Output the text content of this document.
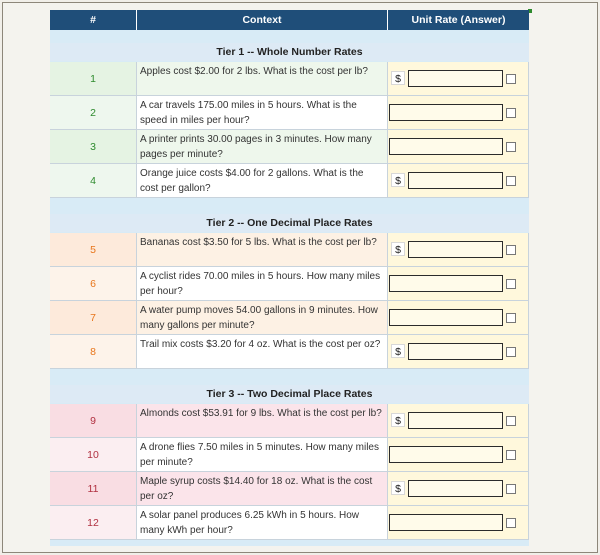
#	Context	Unit Rate (Answer)
Tier 1 -- Whole Number Rates
1
Apples cost $2.00 for 2 lbs. What is the cost per lb?
$
2
A car travels 175.00 miles in 5 hours. What is the speed in miles per hour?
3
A printer prints 30.00 pages in 3 minutes. How many pages per minute?
4
Orange juice costs $4.00 for 2 gallons. What is the cost per gallon?
$
Tier 2 -- One Decimal Place Rates
5
Bananas cost $3.50 for 5 lbs. What is the cost per lb?
$
6
A cyclist rides 70.00 miles in 5 hours. How many miles per hour?
7
A water pump moves 54.00 gallons in 9 minutes. How many gallons per minute?
8
Trail mix costs $3.20 for 4 oz. What is the cost per oz?
$
Tier 3 -- Two Decimal Place Rates
9
Almonds cost $53.91 for 9 lbs. What is the cost per lb?
$
10
A drone flies 7.50 miles in 5 minutes. How many miles per minute?
11
Maple syrup costs $14.40 for 18 oz. What is the cost per oz?
$
12
A solar panel produces 6.25 kWh in 5 hours. How many kWh per hour?
